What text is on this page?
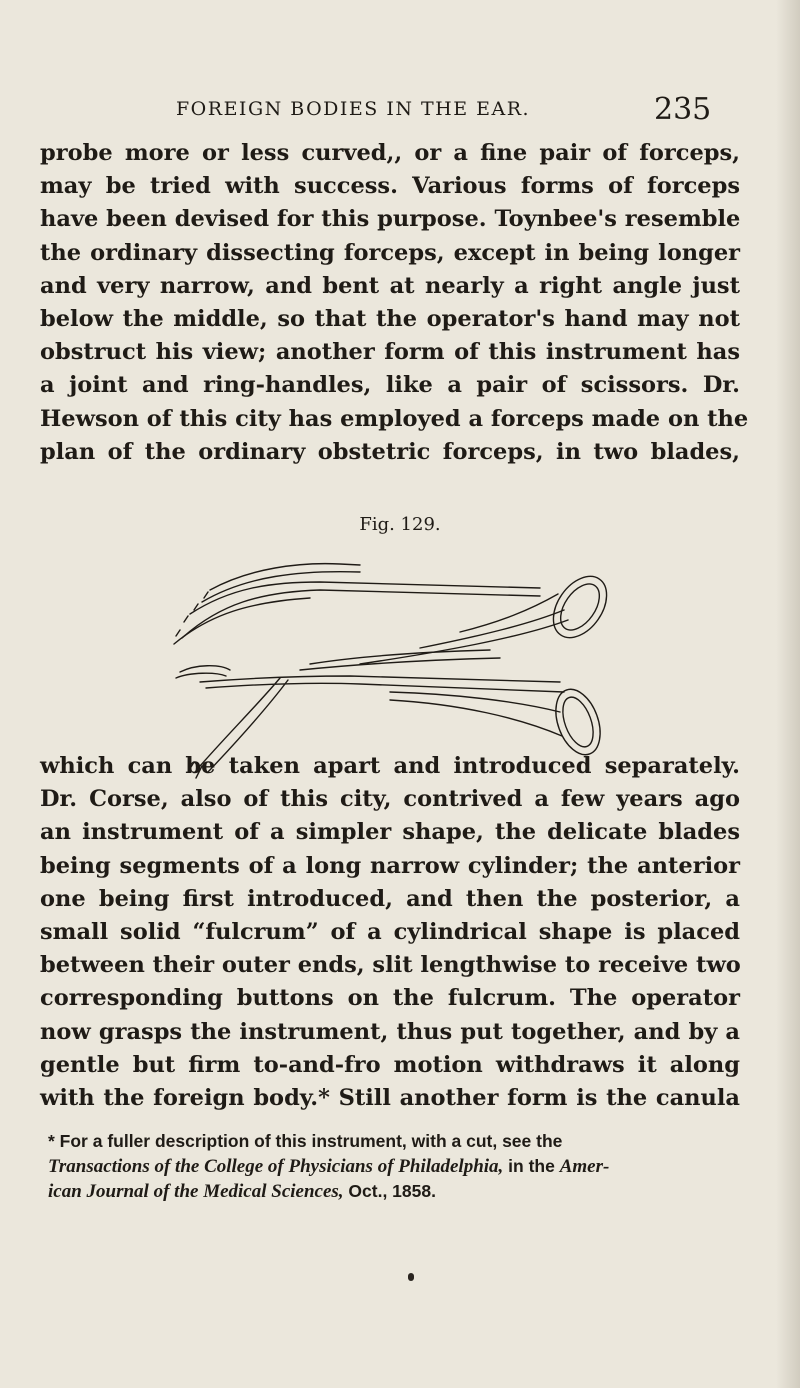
FOREIGN BODIES IN THE EAR.	235
probe more or less curved,, or a fine pair of forceps,
may be tried with success. Various forms of forceps
have been devised for this purpose. Toynbee's resemble
the ordinary dissecting forceps, except in being longer
and very narrow, and bent at nearly a right angle just
below the middle, so that the operator's hand may not
obstruct his view; another form of this instrument has
a joint and ring-handles, like a pair of scissors. Dr.
Hewson of this city has employed a forceps made on the
plan of the ordinary obstetric forceps, in two blades,
Fig. 129.
which can be taken apart and introduced separately.
Dr. Corse, also of this city, contrived a few years ago
an instrument of a simpler shape, the delicate blades
being segments of a long narrow cylinder; the anterior
one being first introduced, and then the posterior, a
small solid “fulcrum” of a cylindrical shape is placed
between their outer ends, slit lengthwise to receive two
corresponding buttons on the fulcrum. The operator
now grasps the instrument, thus put together, and by a
gentle but firm to-and-fro motion withdraws it along
with the foreign body.* Still another form is the canula
* For a fuller description of this instrument, with a cut, see the
Transactions of the College of Physicians of Philadelphia, in the Amer-
ican Journal of the Medical Sciences, Oct., 1858.
